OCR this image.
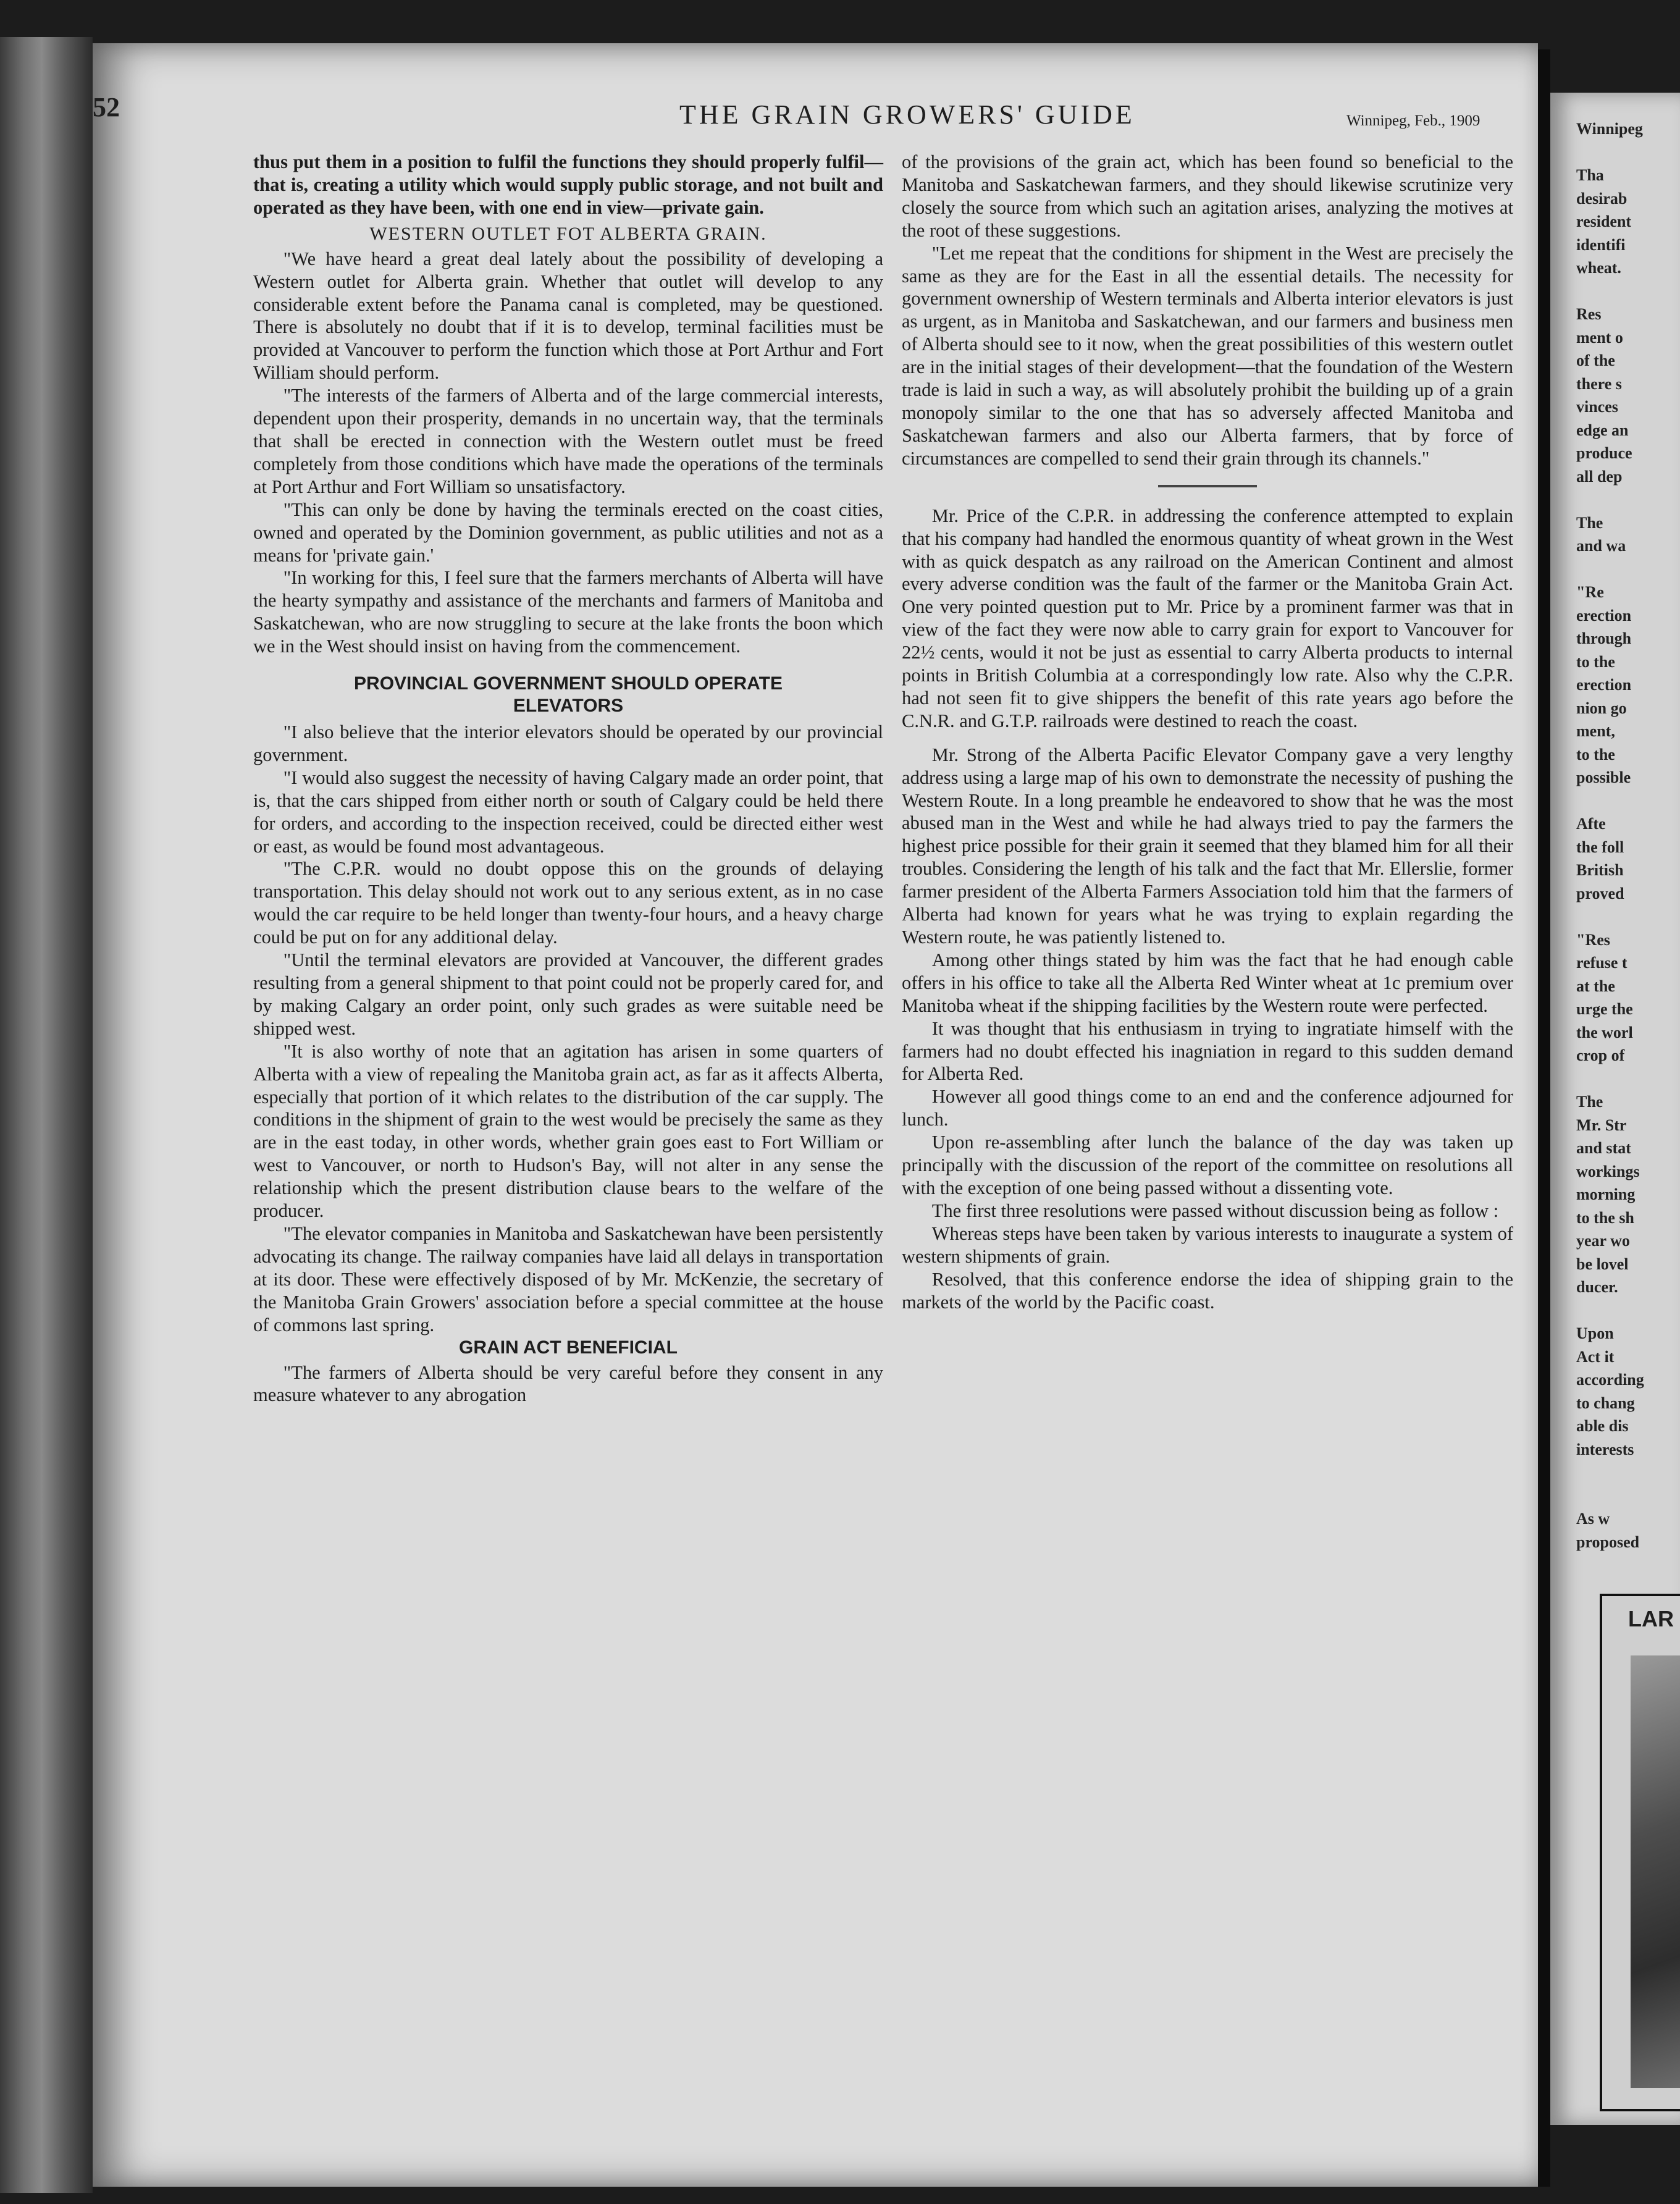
52	THE GRAIN GROWERS' GUIDE	Winnipeg, Feb., 1909

thus put them in a position to fulfil the functions they should properly fulfil—that is, creating a utility which would supply public storage, and not built and operated as they have been, with one end in view—private gain.

WESTERN OUTLET FOT ALBERTA GRAIN.

"We have heard a great deal lately about the possibility of developing a Western outlet for Alberta grain. Whether that outlet will develop to any considerable extent before the Panama canal is completed, may be questioned. There is absolutely no doubt that if it is to develop, terminal facilities must be provided at Vancouver to perform the function which those at Port Arthur and Fort William should perform.

"The interests of the farmers of Alberta and of the large commercial interests, dependent upon their prosperity, demands in no uncertain way, that the terminals that shall be erected in connection with the Western outlet must be freed completely from those conditions which have made the operations of the terminals at Port Arthur and Fort William so unsatisfactory.

"This can only be done by having the terminals erected on the coast cities, owned and operated by the Dominion government, as public utilities and not as a means for 'private gain.'

"In working for this, I feel sure that the farmers merchants of Alberta will have the hearty sympathy and assistance of the merchants and farmers of Manitoba and Saskatchewan, who are now struggling to secure at the lake fronts the boon which we in the West should insist on having from the commencement.

PROVINCIAL GOVERNMENT SHOULD OPERATE
ELEVATORS

"I also believe that the interior elevators should be operated by our provincial government.

"I would also suggest the necessity of having Calgary made an order point, that is, that the cars shipped from either north or south of Calgary could be held there for orders, and according to the inspection received, could be directed either west or east, as would be found most advantageous.

"The C.P.R. would no doubt oppose this on the grounds of delaying transportation. This delay should not work out to any serious extent, as in no case would the car require to be held longer than twenty-four hours, and a heavy charge could be put on for any additional delay.

"Until the terminal elevators are provided at Vancouver, the different grades resulting from a general shipment to that point could not be properly cared for, and by making Calgary an order point, only such grades as were suitable need be shipped west.

"It is also worthy of note that an agitation has arisen in some quarters of Alberta with a view of repealing the Manitoba grain act, as far as it affects Alberta, especially that portion of it which relates to the distribution of the car supply. The conditions in the shipment of grain to the west would be precisely the same as they are in the east today, in other words, whether grain goes east to Fort William or west to Vancouver, or north to Hudson's Bay, will not alter in any sense the relationship which the present distribution clause bears to the welfare of the producer.

"The elevator companies in Manitoba and Saskatchewan have been persistently advocating its change. The railway companies have laid all delays in transportation at its door. These were effectively disposed of by Mr. McKenzie, the secretary of the Manitoba Grain Growers' association before a special committee at the house of commons last spring.

GRAIN ACT BENEFICIAL

"The farmers of Alberta should be very careful before they consent in any measure whatever to any abrogation

of the provisions of the grain act, which has been found so beneficial to the Manitoba and Saskatchewan farmers, and they should likewise scrutinize very closely the source from which such an agitation arises, analyzing the motives at the root of these suggestions.

"Let me repeat that the conditions for shipment in the West are precisely the same as they are for the East in all the essential details. The necessity for government ownership of Western terminals and Alberta interior elevators is just as urgent, as in Manitoba and Saskatchewan, and our farmers and business men of Alberta should see to it now, when the great possibilities of this western outlet are in the initial stages of their development—that the foundation of the Western trade is laid in such a way, as will absolutely prohibit the building up of a grain monopoly similar to the one that has so adversely affected Manitoba and Saskatchewan farmers and also our Alberta farmers, that by force of circumstances are compelled to send their grain through its channels."

Mr. Price of the C.P.R. in addressing the conference attempted to explain that his company had handled the enormous quantity of wheat grown in the West with as quick despatch as any railroad on the American Continent and almost every adverse condition was the fault of the farmer or the Manitoba Grain Act. One very pointed question put to Mr. Price by a prominent farmer was that in view of the fact they were now able to carry grain for export to Vancouver for 22½ cents, would it not be just as essential to carry Alberta products to internal points in British Columbia at a correspondingly low rate. Also why the C.P.R. had not seen fit to give shippers the benefit of this rate years ago before the C.N.R. and G.T.P. railroads were destined to reach the coast.

Mr. Strong of the Alberta Pacific Elevator Company gave a very lengthy address using a large map of his own to demonstrate the necessity of pushing the Western Route. In a long preamble he endeavored to show that he was the most abused man in the West and while he had always tried to pay the farmers the highest price possible for their grain it seemed that they blamed him for all their troubles. Considering the length of his talk and the fact that Mr. Ellerslie, former farmer president of the Alberta Farmers Association told him that the farmers of Alberta had known for years what he was trying to explain regarding the Western route, he was patiently listened to.

Among other things stated by him was the fact that he had enough cable offers in his office to take all the Alberta Red Winter wheat at 1c premium over Manitoba wheat if the shipping facilities by the Western route were perfected.

It was thought that his enthusiasm in trying to ingratiate himself with the farmers had no doubt effected his inagniation in regard to this sudden demand for Alberta Red.

However all good things come to an end and the conference adjourned for lunch.

Upon re-assembling after lunch the balance of the day was taken up principally with the discussion of the report of the committee on resolutions all with the exception of one being passed without a dissenting vote.

The first three resolutions were passed without discussion being as follow :

Whereas steps have been taken by various interests to inaugurate a system of western shipments of grain.

Resolved, that this conference endorse the idea of shipping grain to the markets of the world by the Pacific coast.

Winnipeg

Tha
desirab
resident
identifi
wheat.

Res
ment o
of the
there s
vinces
edge an
produce
all dep

The
and wa

"Re
erection
through
to the
erection
nion go
ment,
to the
possible

Afte
the foll
British
proved

"Res
refuse t
at the
urge the
the worl
crop of

The
Mr. Str
and stat
workings
morning
to the sh
year wo
be lovel
ducer.

Upon
Act it
according
to chang
able dis
interests

As w
proposed
LAR
